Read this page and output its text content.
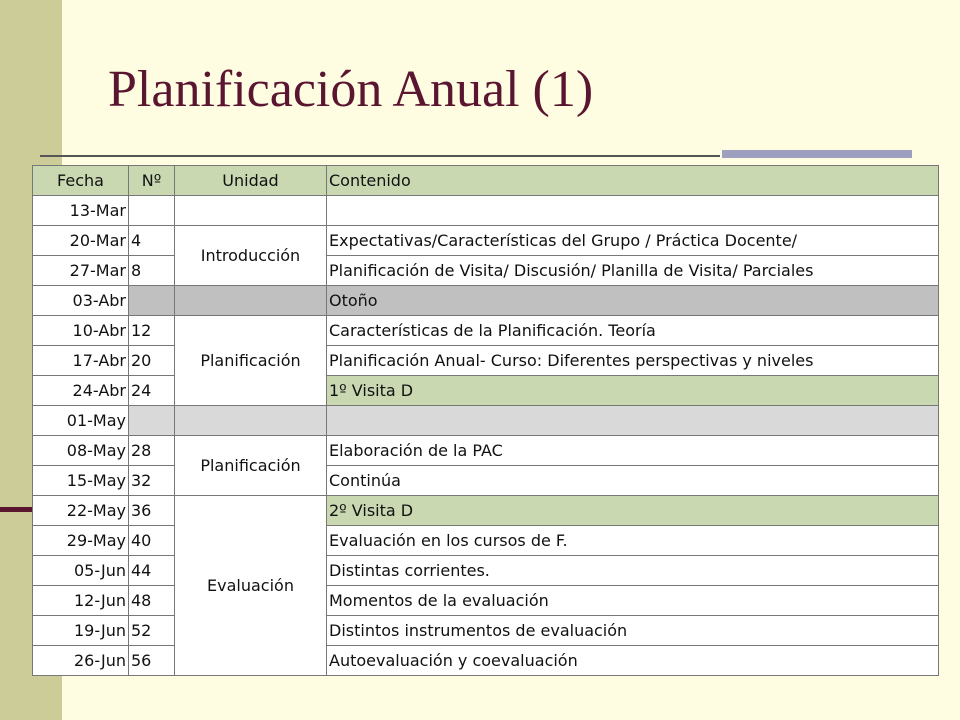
Planificación Anual (1)
Fecha	Nº	Unidad	Contenido
13-Mar			
20-Mar	4	Introducción	Expectativas/Características del Grupo / Práctica Docente/
27-Mar	8		Planificación de Visita/ Discusión/ Planilla de Visita/ Parciales
03-Abr			Otoño
10-Abr	12	Planificación	Características de la Planificación. Teoría
17-Abr	20		Planificación Anual- Curso: Diferentes perspectivas y niveles
24-Abr	24		1º Visita D
01-May			
08-May	28	Planificación	Elaboración de la PAC
15-May	32		Continúa
22-May	36	Evaluación	2º Visita D
29-May	40		Evaluación en los cursos de F.
05-Jun	44		Distintas corrientes.
12-Jun	48		Momentos de la evaluación
19-Jun	52		Distintos instrumentos de evaluación
26-Jun	56		Autoevaluación y coevaluación
